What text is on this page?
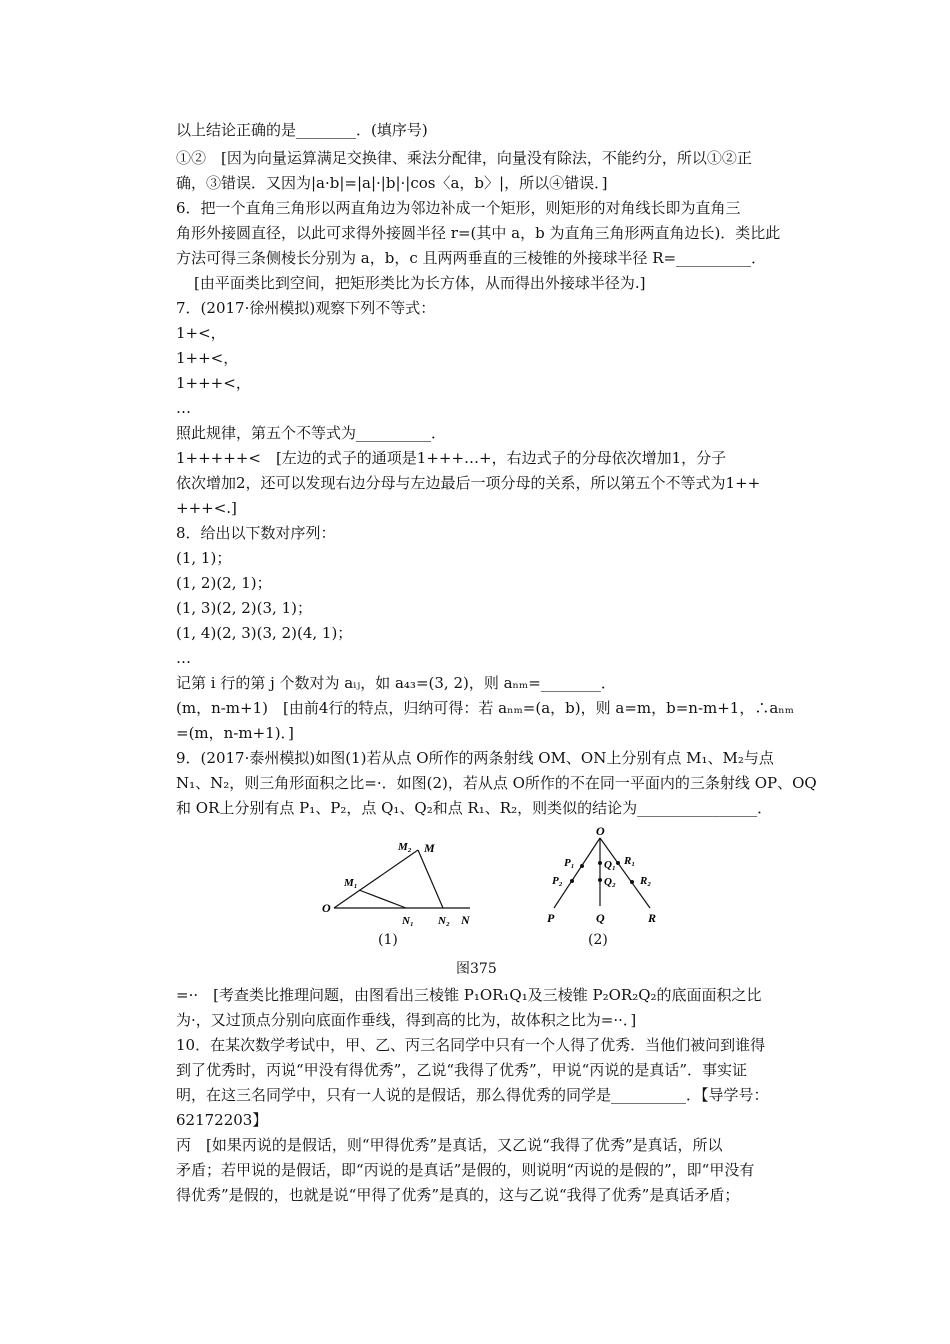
以上结论正确的是________．(填序号)
①②　[因为向量运算满足交换律、乘法分配律，向量没有除法，不能约分，所以①②正
确，③错误．又因为|a·b|=|a|·|b|·|cos〈a，b〉|，所以④错误．]
6．把一个直角三角形以两直角边为邻边补成一个矩形，则矩形的对角线长即为直角三
角形外接圆直径，以此可求得外接圆半径 r=(其中 a，b 为直角三角形两直角边长)．类比此
方法可得三条侧棱长分别为 a，b，c 且两两垂直的三棱锥的外接球半径 R=__________．
[由平面类比到空间，把矩形类比为长方体，从而得出外接球半径为.]
7．(2017·徐州模拟)观察下列不等式：
1+<，
1++<，
1+++<，
…
照此规律，第五个不等式为__________．
1+++++<　[左边的式子的通项是1+++…+，右边式子的分母依次增加1，分子
依次增加2，还可以发现右边分母与左边最后一项分母的关系，所以第五个不等式为1++
+++<.]
8．给出以下数对序列：
(1, 1)；
(1, 2)(2, 1)；
(1, 3)(2, 2)(3, 1)；
(1, 4)(2, 3)(3, 2)(4, 1)；
…
记第 i 行的第 j 个数对为 aᵢⱼ，如 a₄₃=(3, 2)，则 aₙₘ=________．
(m，n-m+1)　[由前4行的特点，归纳可得：若 aₙₘ=(a，b)，则 a=m，b=n-m+1，∴aₙₘ
=(m，n-m+1)．]
9．(2017·泰州模拟)如图(1)若从点 O所作的两条射线 OM、ON上分别有点 M₁、M₂与点
N₁、N₂，则三角形面积之比=·．如图(2)，若从点 O所作的不在同一平面内的三条射线 OP、OQ
和 OR上分别有点 P₁、P₂，点 Q₁、Q₂和点 R₁、R₂，则类似的结论为________________．
=··　[考查类比推理问题，由图看出三棱锥 P₁OR₁Q₁及三棱锥 P₂OR₂Q₂的底面面积之比
为·，又过顶点分别向底面作垂线，得到高的比为，故体积之比为=··．]
10．在某次数学考试中，甲、乙、丙三名同学中只有一个人得了优秀．当他们被问到谁得
到了优秀时，丙说“甲没有得优秀”，乙说“我得了优秀”，甲说“丙说的是真话”．事实证
明，在这三名同学中，只有一人说的是假话，那么得优秀的同学是__________．【导学号：
62172203】
丙　[如果丙说的是假话，则“甲得优秀”是真话，又乙说“我得了优秀”是真话，所以
矛盾；若甲说的是假话，即“丙说的是真话”是假的，则说明“丙说的是假的”，即“甲没有
得优秀”是假的，也就是说“甲得了优秀”是真的，这与乙说“我得了优秀”是真话矛盾；
O
M₁
M₂ M
N₁ N₂ N
O
P₁
P₂
P
Q₁
Q₂
Q
R₁
R₂
R
(1)	(2)
图375
